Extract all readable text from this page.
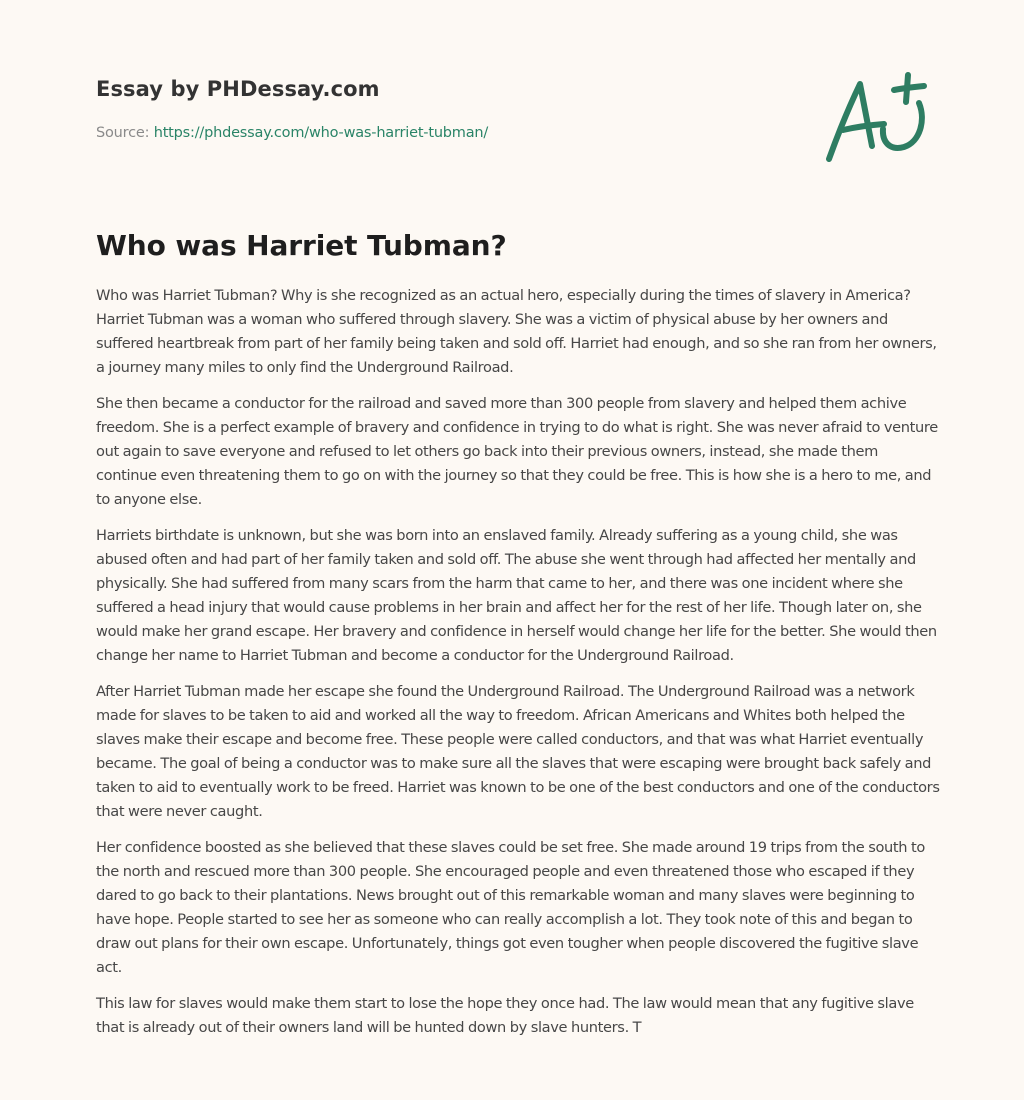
Essay by PHDessay.com
Source: https://phdessay.com/who-was-harriet-tubman/
Who was Harriet Tubman?

Who was Harriet Tubman? Why is she recognized as an actual hero, especially during the times of slavery in America? Harriet Tubman was a woman who suffered through slavery. She was a victim of physical abuse by her owners and suffered heartbreak from part of her family being taken and sold off. Harriet had enough, and so she ran from her owners, a journey many miles to only find the Underground Railroad.

She then became a conductor for the railroad and saved more than 300 people from slavery and helped them achive freedom. She is a perfect example of bravery and confidence in trying to do what is right. She was never afraid to venture out again to save everyone and refused to let others go back into their previous owners, instead, she made them continue even threatening them to go on with the journey so that they could be free. This is how she is a hero to me, and to anyone else.

Harriets birthdate is unknown, but she was born into an enslaved family. Already suffering as a young child, she was abused often and had part of her family taken and sold off. The abuse she went through had affected her mentally and physically. She had suffered from many scars from the harm that came to her, and there was one incident where she suffered a head injury that would cause problems in her brain and affect her for the rest of her life. Though later on, she would make her grand escape. Her bravery and confidence in herself would change her life for the better. She would then change her name to Harriet Tubman and become a conductor for the Underground Railroad.

After Harriet Tubman made her escape she found the Underground Railroad. The Underground Railroad was a network made for slaves to be taken to aid and worked all the way to freedom. African Americans and Whites both helped the slaves make their escape and become free. These people were called conductors, and that was what Harriet eventually became. The goal of being a conductor was to make sure all the slaves that were escaping were brought back safely and taken to aid to eventually work to be freed. Harriet was known to be one of the best conductors and one of the conductors that were never caught.

Her confidence boosted as she believed that these slaves could be set free. She made around 19 trips from the south to the north and rescued more than 300 people. She encouraged people and even threatened those who escaped if they dared to go back to their plantations. News brought out of this remarkable woman and many slaves were beginning to have hope. People started to see her as someone who can really accomplish a lot. They took note of this and began to draw out plans for their own escape. Unfortunately, things got even tougher when people discovered the fugitive slave act.

This law for slaves would make them start to lose the hope they once had. The law would mean that any fugitive slave that is already out of their owners land will be hunted down by slave hunters. T
